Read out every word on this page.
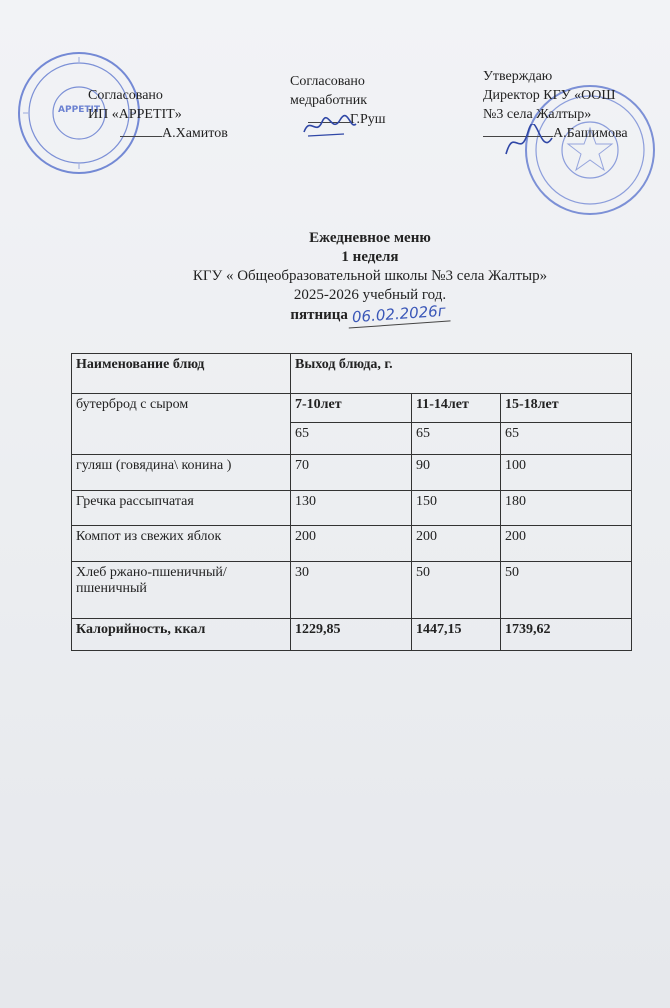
APPETIT
Согласовано
ИП «APPETIT»
А.Хамитов
Согласовано
медработник
Г.Руш
Утверждаю
Директор КГУ «ООШ
№3 села Жалтыр»
А.Башимова
Ежедневное меню
1 неделя
КГУ « Общеобразовательной школы №3 села Жалтыр»
2025-2026 учебный год.
пятница 06.02.2026г
Наименование блюд	Выход блюда, г.		
бутерброд с сыром	7-10лет	11-14лет	15-18лет
	65	65	65
гуляш (говядина\ конина )	70	90	100
Гречка рассыпчатая	130	150	180
Компот из свежих яблок	200	200	200
Хлеб ржано-пшеничный/ пшеничный	30	50	50
Калорийность, ккал	1229,85	1447,15	1739,62
